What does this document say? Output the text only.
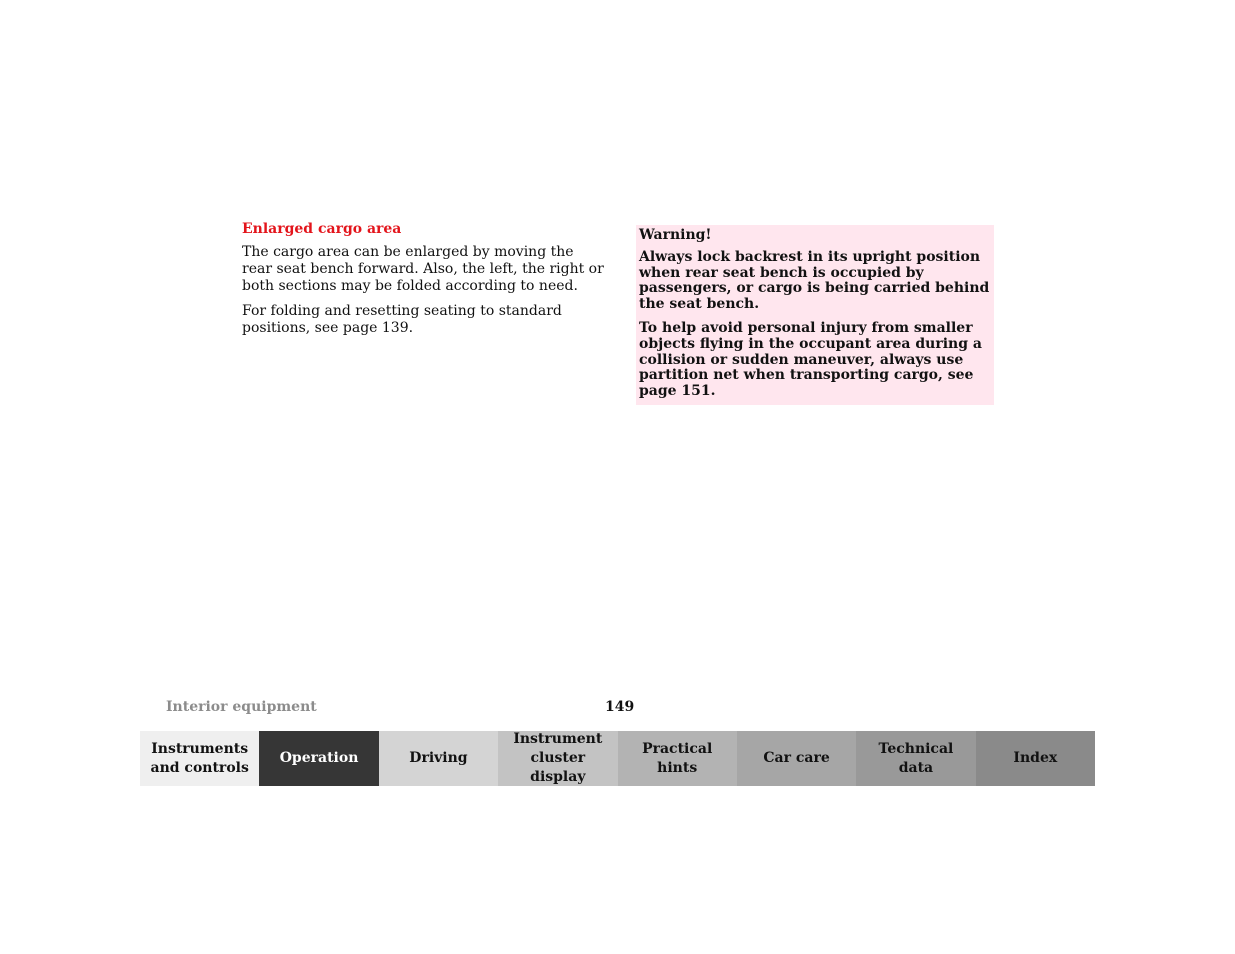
Enlarged cargo area

The cargo area can be enlarged by moving the rear seat bench forward. Also, the left, the right or both sections may be folded according to need.

For folding and resetting seating to standard positions, see page 139.

Warning!

Always lock backrest in its upright position when rear seat bench is occupied by passengers, or cargo is being carried behind the seat bench.

To help avoid personal injury from smaller objects flying in the occupant area during a collision or sudden maneuver, always use partition net when transporting cargo, see page 151.

Interior equipment	149
Instruments
and controls
Operation	Driving
Instrument
cluster display
Practical hints
Car care
Technical
data
Index
